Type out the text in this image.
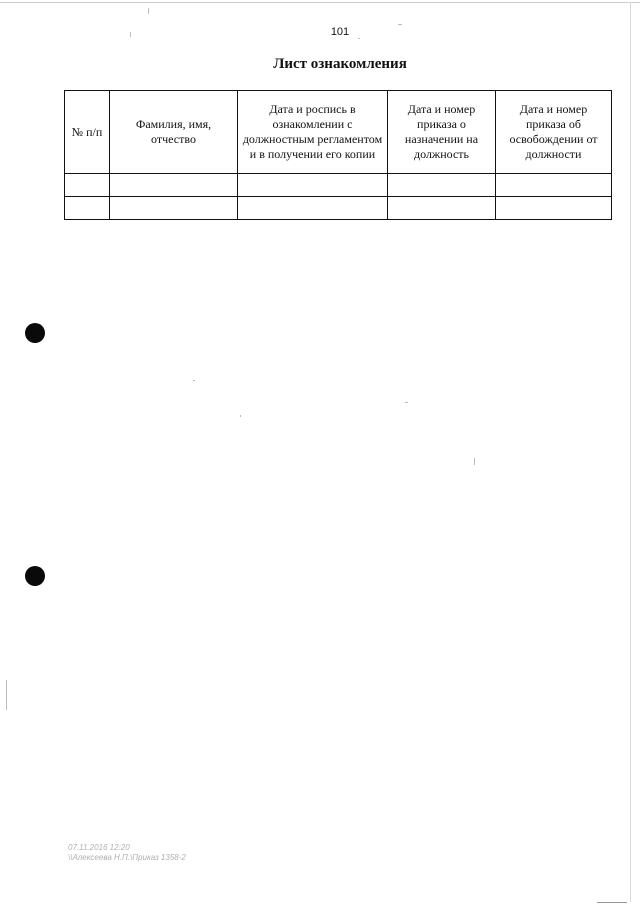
101
Лист ознакомления
№ п/п	Фамилия, имя, отчество	Дата и роспись в ознакомлении с должностным регламентом и в получении его копии	Дата и номер приказа о назначении на должность	Дата и номер приказа об освобождении от должности

07.11.2016 12:20
\\Алексеева Н.П.\Приказ 1358-2
